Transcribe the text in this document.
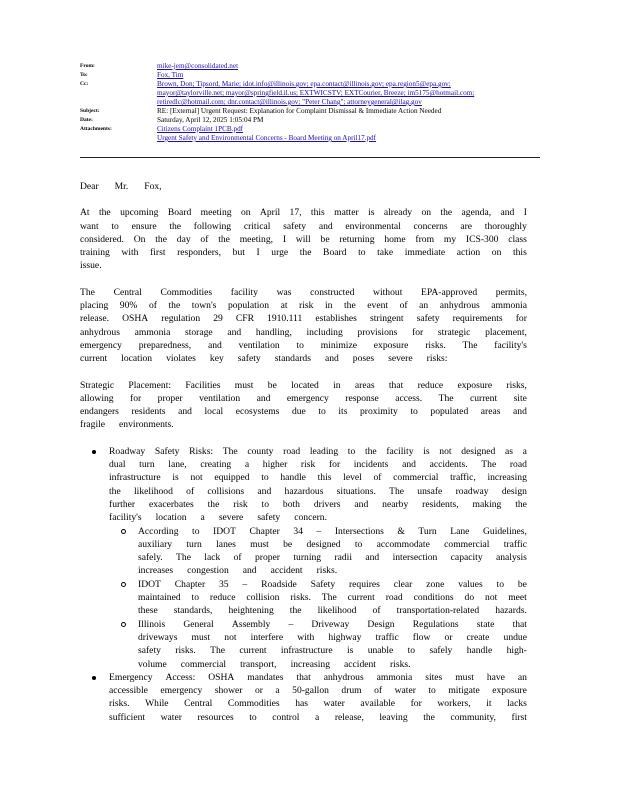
From:	mike-jem@consolidated.net
To:	Fox, Tim
Cc:	Brown, Don; Tipsord, Marie; idot.info@illinois.gov; epa.contact@illinois.gov; epa.region5@epa.gov;
mayor@taylorville.net; mayor@springfield.il.us; EXTWICSTV; EXTCourier, Breeze; im5175@hotmail.com;
retiredlc@hotmail.com; dnr.contact@illinois.gov; "Peter Chang"; attorneygeneral@ilag.gov
Subject:	RE: [External] Urgent Request: Explanation for Complaint Dismissal & Immediate Action Needed
Date:	Saturday, April 12, 2025 1:05:04 PM
Attachments:	Citizens Complaint 1PCB.pdf
Urgent Safety and Environmental Concerns - Board Meeting on April17.pdf
Dear Mr. Fox,
At the upcoming Board meeting on April 17, this matter is already on the agenda, and I
want to ensure the following critical safety and environmental concerns are thoroughly
considered. On the day of the meeting, I will be returning home from my ICS-300 class
training with first responders, but I urge the Board to take immediate action on this
issue.
The Central Commodities facility was constructed without EPA-approved permits,
placing 90% of the town's population at risk in the event of an anhydrous ammonia
release. OSHA regulation 29 CFR 1910.111 establishes stringent safety requirements for
anhydrous ammonia storage and handling, including provisions for strategic placement,
emergency preparedness, and ventilation to minimize exposure risks. The facility's
current location violates key safety standards and poses severe risks:
Strategic Placement: Facilities must be located in areas that reduce exposure risks,
allowing for proper ventilation and emergency response access. The current site
endangers residents and local ecosystems due to its proximity to populated areas and
fragile environments.
Roadway Safety Risks: The county road leading to the facility is not designed as a
dual turn lane, creating a higher risk for incidents and accidents. The road
infrastructure is not equipped to handle this level of commercial traffic, increasing
the likelihood of collisions and hazardous situations. The unsafe roadway design
further exacerbates the risk to both drivers and nearby residents, making the
facility's location a severe safety concern.
According to IDOT Chapter 34 – Intersections & Turn Lane Guidelines,
auxiliary turn lanes must be designed to accommodate commercial traffic
safely. The lack of proper turning radii and intersection capacity analysis
increases congestion and accident risks.
IDOT Chapter 35 – Roadside Safety requires clear zone values to be
maintained to reduce collision risks. The current road conditions do not meet
these standards, heightening the likelihood of transportation-related hazards.
Illinois General Assembly – Driveway Design Regulations state that
driveways must not interfere with highway traffic flow or create undue
safety risks. The current infrastructure is unable to safely handle high-
volume commercial transport, increasing accident risks.
Emergency Access: OSHA mandates that anhydrous ammonia sites must have an
accessible emergency shower or a 50-gallon drum of water to mitigate exposure
risks. While Central Commodities has water available for workers, it lacks
sufficient water resources to control a release, leaving the community, first
